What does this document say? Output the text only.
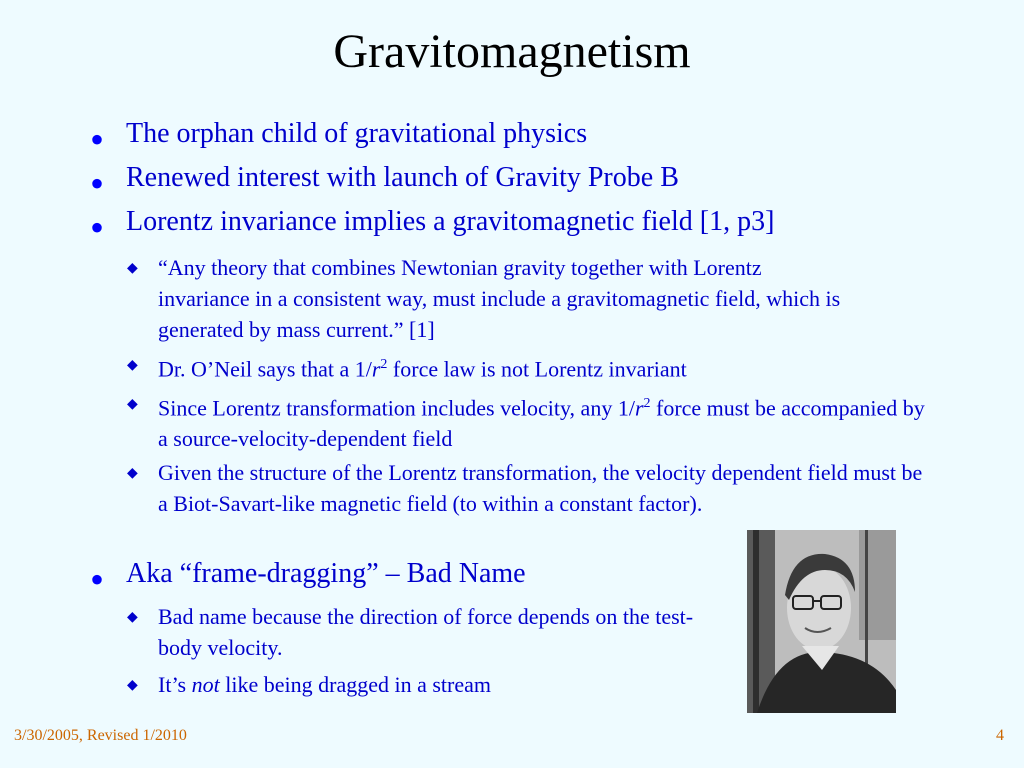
Gravitomagnetism
• The orphan child of gravitational physics
• Renewed interest with launch of Gravity Probe B
• Lorentz invariance implies a gravitomagnetic field [1, p3]
◆ “Any theory that combines Newtonian gravity together with Lorentz invariance in a consistent way, must include a gravitomagnetic field, which is generated by mass current.” [1]
◆ Dr. O’Neil says that a $1/r^2$ force law is not Lorentz invariant
◆ Since Lorentz transformation includes velocity, any $1/r^2$ force must be accompanied by a source-velocity-dependent field
◆ Given the structure of the Lorentz transformation, the velocity dependent field must be a Biot-Savart-like magnetic field (to within a constant factor).
• Aka “frame-dragging” – Bad Name
◆ Bad name because the direction of force depends on the test-body velocity.
◆ It’s not like being dragged in a stream
3/30/2005, Revised 1/2010	4
